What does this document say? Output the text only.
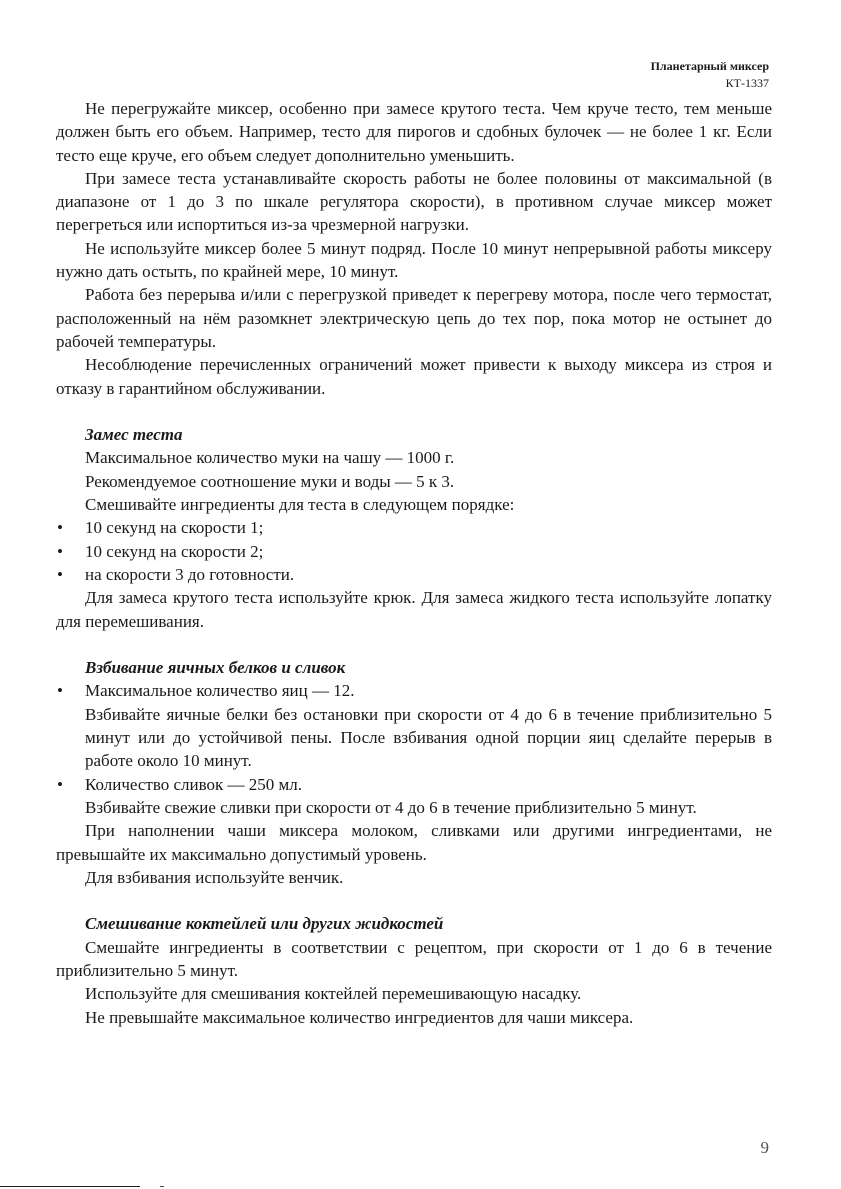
Планетарный миксер
КТ-1337

Не перегружайте миксер, особенно при замесе крутого теста. Чем круче тесто, тем меньше должен быть его объем. Например, тесто для пирогов и сдобных булочек — не более 1 кг. Если тесто еще круче, его объем следует дополнительно уменьшить.

При замесе теста устанавливайте скорость работы не более половины от максимальной (в диапазоне от 1 до 3 по шкале регулятора скорости), в противном случае миксер может перегреться или испортиться из-за чрезмерной нагрузки.

Не используйте миксер более 5 минут подряд. После 10 минут непрерывной работы миксеру нужно дать остыть, по крайней мере, 10 минут.

Работа без перерыва и/или с перегрузкой приведет к перегреву мотора, после чего термостат, расположенный на нём разомкнет электрическую цепь до тех пор, пока мотор не остынет до рабочей температуры.

Несоблюдение перечисленных ограничений может привести к выходу миксера из строя и отказу в гарантийном обслуживании.

Замес теста

Максимальное количество муки на чашу — 1000 г.

Рекомендуемое соотношение муки и воды — 5 к 3.

Смешивайте ингредиенты для теста в следующем порядке:

• 10 секунд на скорости 1;
• 10 секунд на скорости 2;
• на скорости 3 до готовности.

Для замеса крутого теста используйте крюк. Для замеса жидкого теста используйте лопатку для перемешивания.

Взбивание яичных белков и сливок
• Максимальное количество яиц — 12.

Взбивайте яичные белки без остановки при скорости от 4 до 6 в течение приблизительно 5 минут или до устойчивой пены. После взбивания одной порции яиц сделайте перерыв в работе около 10 минут.

• Количество сливок — 250 мл.

Взбивайте свежие сливки при скорости от 4 до 6 в течение приблизительно 5 минут.

При наполнении чаши миксера молоком, сливками или другими ингредиентами, не превышайте их максимально допустимый уровень.

Для взбивания используйте венчик.

Смешивание коктейлей или других жидкостей

Смешайте ингредиенты в соответствии с рецептом, при скорости от 1 до 6 в течение приблизительно 5 минут.

Используйте для смешивания коктейлей перемешивающую насадку.

Не превышайте максимальное количество ингредиентов для чаши миксера.

9
